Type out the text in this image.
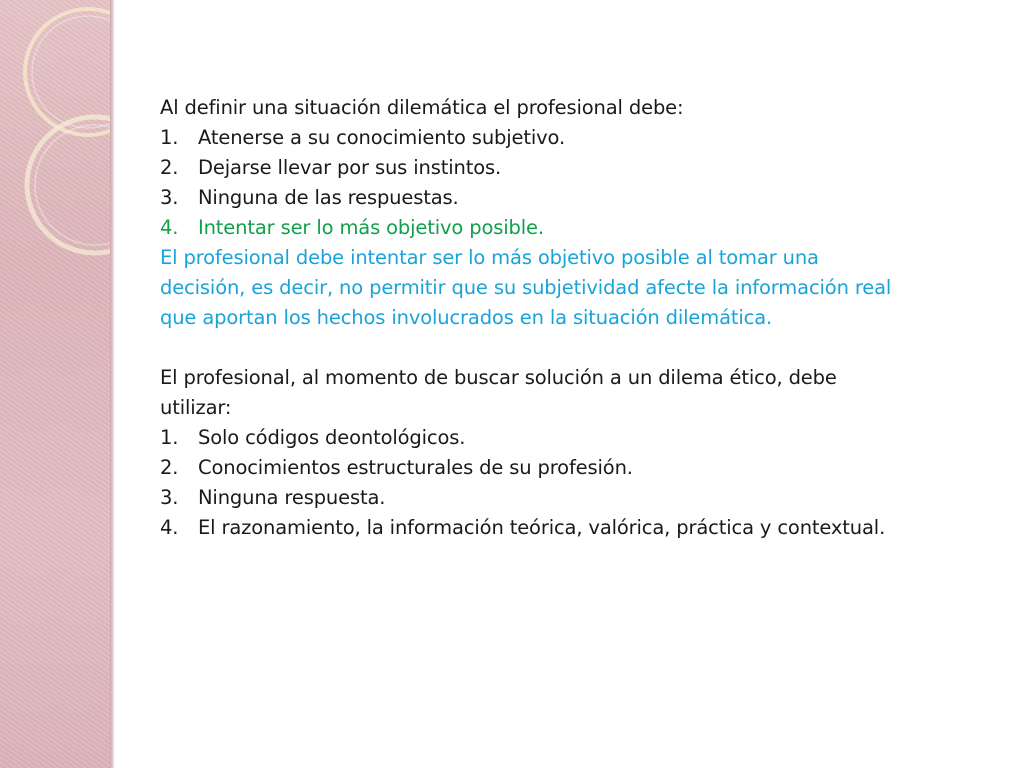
Al definir una situación dilemática el profesional debe:
1.	Atenerse a su conocimiento subjetivo.
2.	Dejarse llevar por sus instintos.
3.	Ninguna de las respuestas.
4.	Intentar ser lo más objetivo posible.
El profesional debe intentar ser lo más objetivo posible al tomar una
decisión, es decir, no permitir que su subjetividad afecte la información real
que aportan los hechos involucrados en la situación dilemática.
El profesional, al momento de buscar solución a un dilema ético, debe
utilizar:
1.	Solo códigos deontológicos.
2.	Conocimientos estructurales de su profesión.
3.	Ninguna respuesta.
4.	El razonamiento, la información teórica, valórica, práctica y contextual.
